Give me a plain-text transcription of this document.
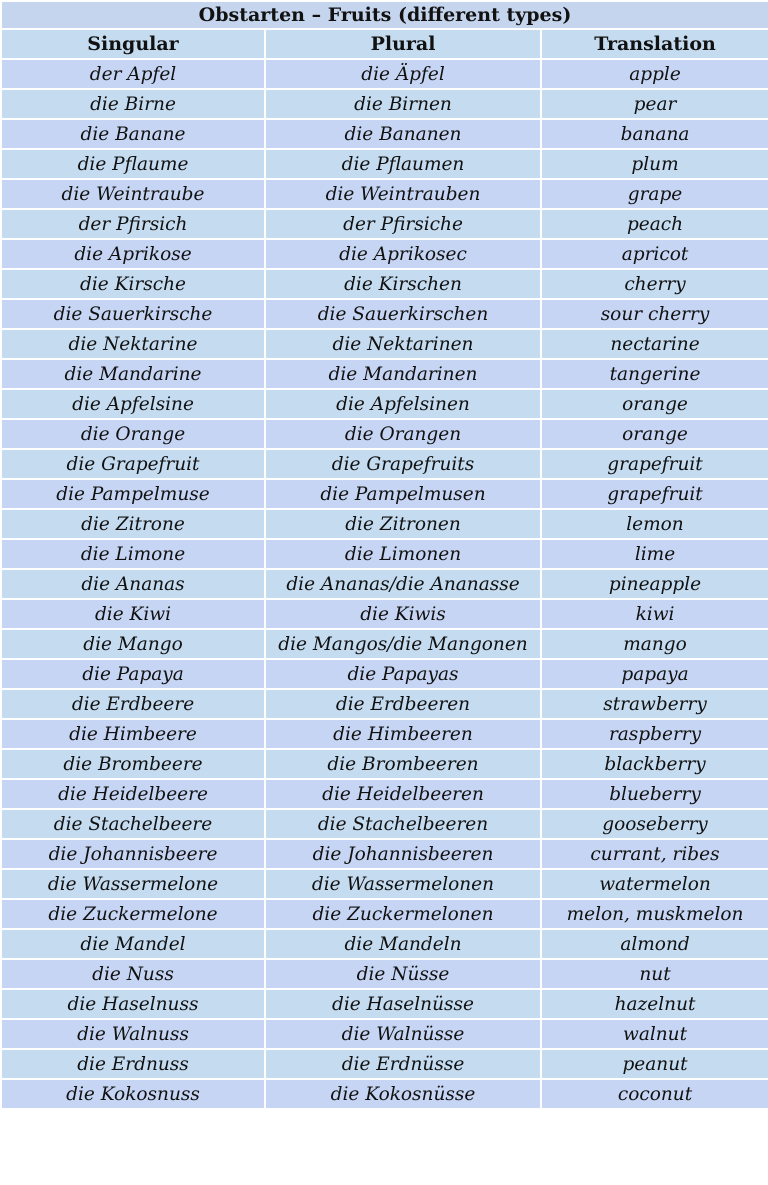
Obstarten – Fruits (different types)		
Singular	Plural	Translation
der Apfel	die Äpfel	apple
die Birne	die Birnen	pear
die Banane	die Bananen	banana
die Pflaume	die Pflaumen	plum
die Weintraube	die Weintrauben	grape
der Pfirsich	der Pfirsiche	peach
die Aprikose	die Aprikosec	apricot
die Kirsche	die Kirschen	cherry
die Sauerkirsche	die Sauerkirschen	sour cherry
die Nektarine	die Nektarinen	nectarine
die Mandarine	die Mandarinen	tangerine
die Apfelsine	die Apfelsinen	orange
die Orange	die Orangen	orange
die Grapefruit	die Grapefruits	grapefruit
die Pampelmuse	die Pampelmusen	grapefruit
die Zitrone	die Zitronen	lemon
die Limone	die Limonen	lime
die Ananas	die Ananas/die Ananasse	pineapple
die Kiwi	die Kiwis	kiwi
die Mango	die Mangos/die Mangonen	mango
die Papaya	die Papayas	papaya
die Erdbeere	die Erdbeeren	strawberry
die Himbeere	die Himbeeren	raspberry
die Brombeere	die Brombeeren	blackberry
die Heidelbeere	die Heidelbeeren	blueberry
die Stachelbeere	die Stachelbeeren	gooseberry
die Johannisbeere	die Johannisbeeren	currant, ribes
die Wassermelone	die Wassermelonen	watermelon
die Zuckermelone	die Zuckermelonen	melon, muskmelon
die Mandel	die Mandeln	almond
die Nuss	die Nüsse	nut
die Haselnuss	die Haselnüsse	hazelnut
die Walnuss	die Walnüsse	walnut
die Erdnuss	die Erdnüsse	peanut
die Kokosnuss	die Kokosnüsse	coconut
